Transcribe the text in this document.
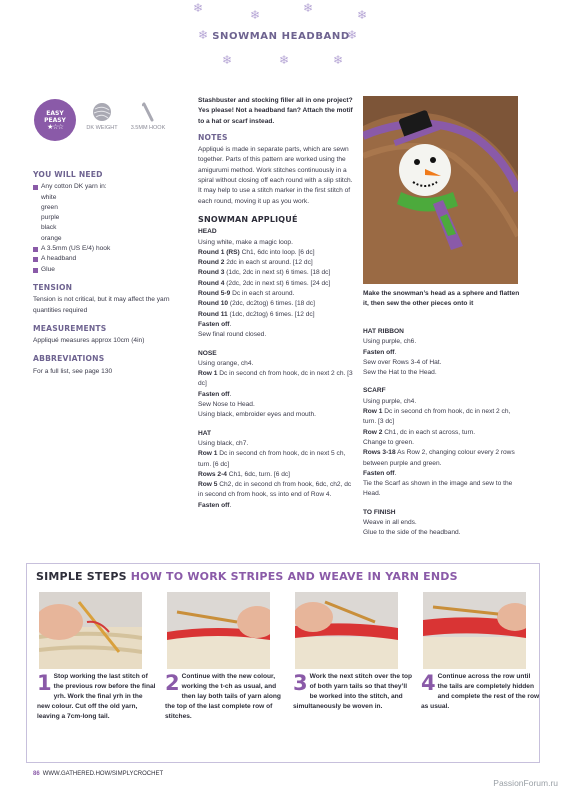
❄	❄	❄	❄
❄	❄
❄	❄	❄
SNOWMAN HEADBAND
EASY
PEASY
★☆☆	DK WEIGHT	3.5MM HOOK
YOU WILL NEED
Any cotton DK yarn in:
white
green
purple
black
orange
A 3.5mm (US E/4) hook
A headband
Glue
TENSION

Tension is not critical, but it may affect the yarn quantities required

MEASUREMENTS

Appliqué measures approx 10cm (4in)

ABBREVIATIONS

For a full list, see page 130

Stashbuster and stocking filler all in one project? Yes please! Not a headband fan? Attach the motif to a hat or scarf instead.

NOTES

Appliqué is made in separate parts, which are sewn together. Parts of this pattern are worked using the amigurumi method. Work stitches continuously in a spiral without closing off each round with a slip stitch. It may help to use a stitch marker in the first stitch of each round, moving it up as you work.

SNOWMAN APPLIQUÉ
HEAD
Using white, make a magic loop.
Round 1 (RS) Ch1, 6dc into loop. [6 dc]
Round 2 2dc in each st around. [12 dc]
Round 3 (1dc, 2dc in next st) 6 times. [18 dc]
Round 4 (2dc, 2dc in next st) 6 times. [24 dc]
Round 5-9 Dc in each st around.
Round 10 (2dc, dc2tog) 6 times. [18 dc]
Round 11 (1dc, dc2tog) 6 times. [12 dc]
Fasten off.
Sew final round closed.
NOSE
Using orange, ch4.
Row 1 Dc in second ch from hook, dc in next 2 ch. [3 dc]
Fasten off.
Sew Nose to Head.
Using black, embroider eyes and mouth.
HAT
Using black, ch7.
Row 1 Dc in second ch from hook, dc in next 5 ch, turn. [6 dc]
Rows 2-4 Ch1, 6dc, turn. [6 dc]
Row 5 Ch2, dc in second ch from hook, 6dc, ch2, dc in second ch from hook, ss into end of Row 4.
Fasten off.

Make the snowman’s head as a sphere and flatten it, then sew the other pieces onto it

HAT RIBBON
Using purple, ch6.
Fasten off.
Sew over Rows 3-4 of Hat.
Sew the Hat to the Head.
SCARF
Using purple, ch4.
Row 1 Dc in second ch from hook, dc in next 2 ch, turn. [3 dc]
Row 2 Ch1, dc in each st across, turn.
Change to green.
Rows 3-18 As Row 2, changing colour every 2 rows between purple and green.
Fasten off.
Tie the Scarf as shown in the image and sew to the Head.
TO FINISH
Weave in all ends.
Glue to the side of the headband.
SIMPLE STEPS HOW TO WORK STRIPES AND WEAVE IN YARN ENDS
1 Stop working the last stitch of the previous row before the final yrh. Work the final yrh in the new colour. Cut off the old yarn, leaving a 7cm-long tail.
2 Continue with the new colour, working the t-ch as usual, and then lay both tails of yarn along the top of the last complete row of stitches.
3 Work the next stitch over the top of both yarn tails so that they’ll be worked into the stitch, and simultaneously be woven in.
4 Continue across the row until the tails are completely hidden and complete the rest of the row as usual.
86 WWW.GATHERED.HOW/SIMPLYCROCHET
PassionForum.ru
